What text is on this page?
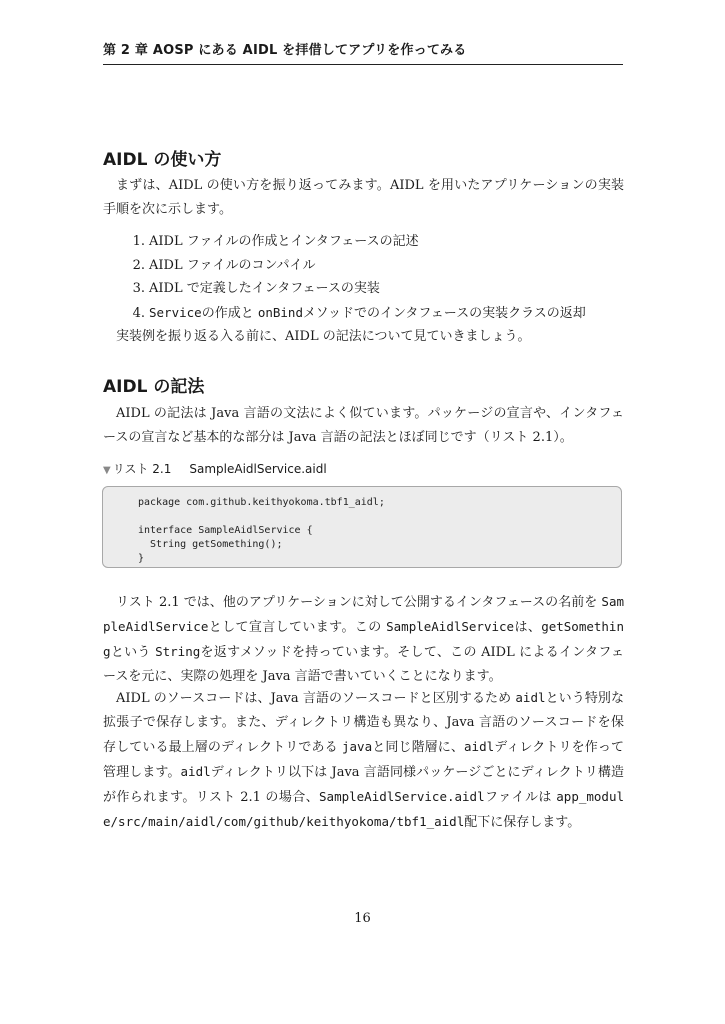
第 2 章 AOSP にある AIDL を拝借してアプリを作ってみる
AIDL の使い方

まずは、AIDL の使い方を振り返ってみます。AIDL を用いたアプリケーションの実装手順を次に示します。

1. AIDL ファイルの作成とインタフェースの記述
2. AIDL ファイルのコンパイル
3. AIDL で定義したインタフェースの実装
4. Serviceの作成と onBindメソッドでのインタフェースの実装クラスの返却

実装例を振り返る入る前に、AIDL の記法について見ていきましょう。

AIDL の記法

AIDL の記法は Java 言語の文法によく似ています。パッケージの宣言や、インタフェースの宣言など基本的な部分は Java 言語の記法とほぼ同じです（リスト 2.1）。

▼ リスト 2.1 SampleAidlService.aidl
package com.github.keithyokoma.tbf1_aidl;

interface SampleAidlService {
String getSomething();
}

リスト 2.1 では、他のアプリケーションに対して公開するインタフェースの名前を SampleAidlServiceとして宣言しています。この SampleAidlServiceは、getSomethingという Stringを返すメソッドを持っています。そして、この AIDL によるインタフェースを元に、実際の処理を Java 言語で書いていくことになります。

AIDL のソースコードは、Java 言語のソースコードと区別するため aidlという特別な拡張子で保存します。また、ディレクトリ構造も異なり、Java 言語のソースコードを保存している最上層のディレクトリである javaと同じ階層に、aidlディレクトリを作って管理します。aidlディレクトリ以下は Java 言語同様パッケージごとにディレクトリ構造が作られます。リスト 2.1 の場合、SampleAidlService.aidlファイルは app_module/src/main/aidl/com/github/keithyokoma/tbf1_aidl配下に保存します。

16
